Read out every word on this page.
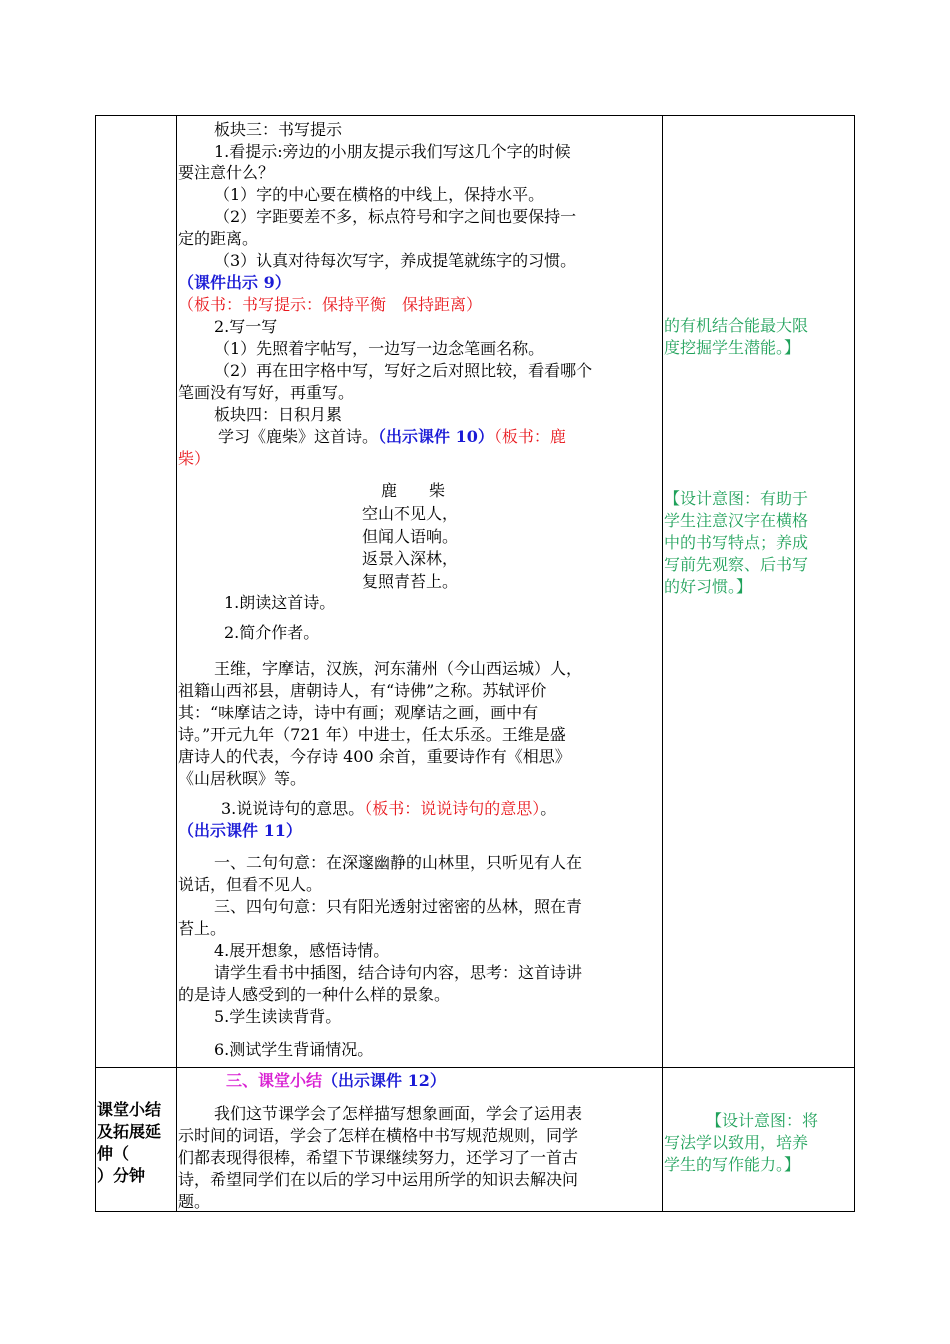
板块三：书写提示
1.看提示:旁边的小朋友提示我们写这几个字的时候
要注意什么？
（1）字的中心要在横格的中线上，保持水平。
（2）字距要差不多，标点符号和字之间也要保持一
定的距离。
（3）认真对待每次写字，养成提笔就练字的习惯。
（课件出示 9）
（板书：书写提示：保持平衡　保持距离）
2.写一写
（1）先照着字帖写，一边写一边念笔画名称。
（2）再在田字格中写，写好之后对照比较，看看哪个
笔画没有写好，再重写。
板块四：日积月累
学习《鹿柴》这首诗。（出示课件 10）（板书：鹿
柴）
鹿　　柴
空山不见人，
但闻人语响。
返景入深林，
复照青苔上。
1.朗读这首诗。
2.简介作者。
王维，字摩诘，汉族，河东蒲州（今山西运城）人，
祖籍山西祁县，唐朝诗人，有“诗佛”之称。苏轼评价
其：“味摩诘之诗，诗中有画；观摩诘之画，画中有
诗。”开元九年（721 年）中进士，任太乐丞。王维是盛
唐诗人的代表，今存诗 400 余首，重要诗作有《相思》
《山居秋暝》等。
3.说说诗句的意思。（板书：说说诗句的意思）。
（出示课件 11）
一、二句句意：在深邃幽静的山林里，只听见有人在
说话，但看不见人。
三、四句句意：只有阳光透射过密密的丛林，照在青
苔上。
4.展开想象，感悟诗情。
请学生看书中插图，结合诗句内容，思考：这首诗讲
的是诗人感受到的一种什么样的景象。
5.学生读读背背。
6.测试学生背诵情况。
的有机结合能最大限
度挖掘学生潜能。】
【设计意图：有助于
学生注意汉字在横格
中的书写特点；养成
写前先观察、后书写
的好习惯。】
【设计意图：将
写法学以致用，培养
学生的写作能力。】
课堂小结
及拓展延
伸（
）分钟
三、课堂小结（出示课件 12）
我们这节课学会了怎样描写想象画面，学会了运用表
示时间的词语，学会了怎样在横格中书写规范规则，同学
们都表现得很棒，希望下节课继续努力，还学习了一首古
诗，希望同学们在以后的学习中运用所学的知识去解决问
题。
